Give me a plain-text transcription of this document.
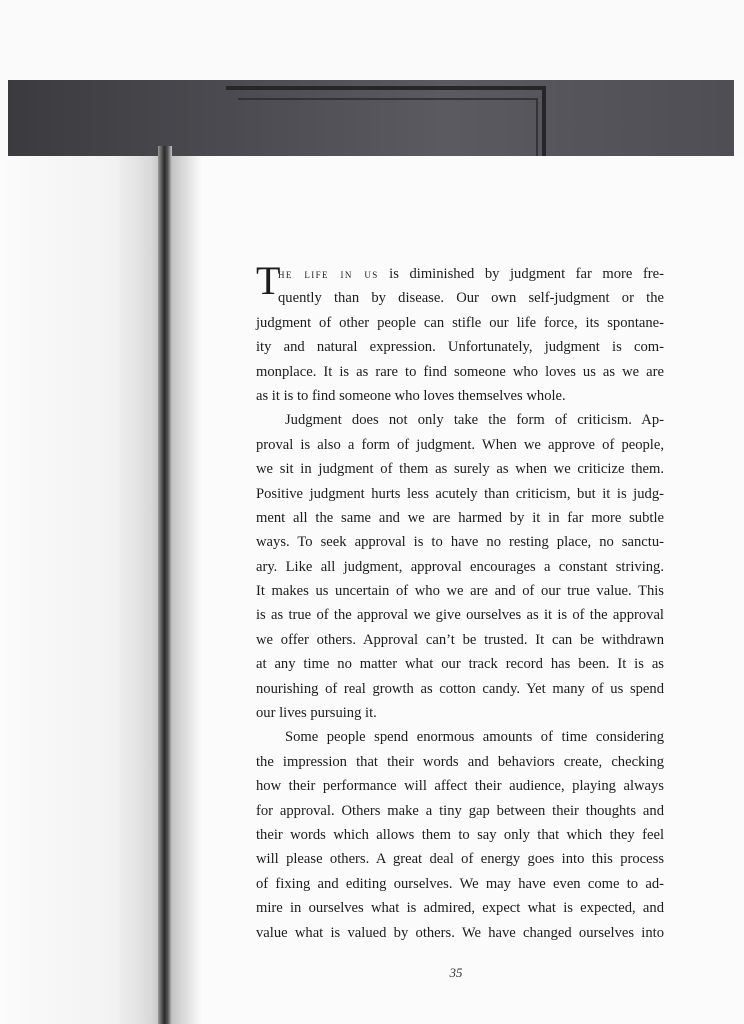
T
he life in us is diminished by judgment far more fre-
quently than by disease. Our own self-judgment or the
judgment of other people can stifle our life force, its spontane-
ity and natural expression. Unfortunately, judgment is com-
monplace. It is as rare to find someone who loves us as we are
as it is to find someone who loves themselves whole.
Judgment does not only take the form of criticism. Ap-
proval is also a form of judgment. When we approve of people,
we sit in judgment of them as surely as when we criticize them.
Positive judgment hurts less acutely than criticism, but it is judg-
ment all the same and we are harmed by it in far more subtle
ways. To seek approval is to have no resting place, no sanctu-
ary. Like all judgment, approval encourages a constant striving.
It makes us uncertain of who we are and of our true value. This
is as true of the approval we give ourselves as it is of the approval
we offer others. Approval can’t be trusted. It can be withdrawn
at any time no matter what our track record has been. It is as
nourishing of real growth as cotton candy. Yet many of us spend
our lives pursuing it.
Some people spend enormous amounts of time considering
the impression that their words and behaviors create, checking
how their performance will affect their audience, playing always
for approval. Others make a tiny gap between their thoughts and
their words which allows them to say only that which they feel
will please others. A great deal of energy goes into this process
of fixing and editing ourselves. We may have even come to ad-
mire in ourselves what is admired, expect what is expected, and
value what is valued by others. We have changed ourselves into
35
